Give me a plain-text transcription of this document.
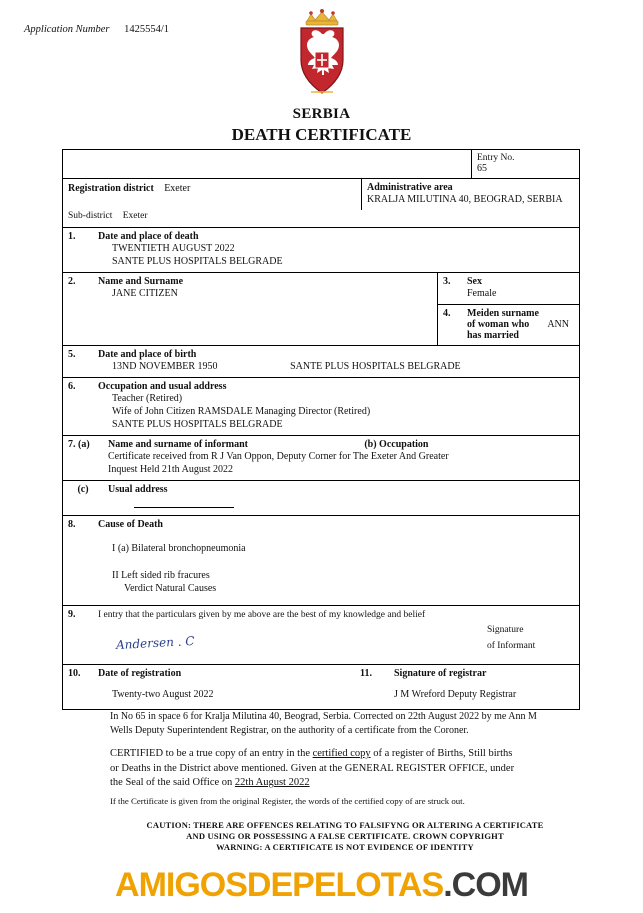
Application Number 1425554/1
SERBIA
DEATH CERTIFICATE

Entry No.
65
Registration district Exeter	Administrative area
KRALJA MILUTINA 40, BEOGRAD, SERBIA
Sub-district Exeter
1.	Date and place of death
TWENTIETH AUGUST 2022
SANTE PLUS HOSPITALS BELGRADE
2.	Name and Surname
JANE CITIZEN
3.	Sex
Female
4.	Meiden surname
of woman who
has married
ANN
5.	Date and place of birth
13ND NOVEMBER 1950	SANTE PLUS HOSPITALS BELGRADE
6.	Occupation and usual address
Teacher (Retired)
Wife of John Citizen RAMSDALE Managing Director (Retired)
SANTE PLUS HOSPITALS BELGRADE
7. (a)	Name and surname of informant	(b) Occupation
Certificate received from R J Van Oppon, Deputy Corner for The Exeter And Greater
Inquest Held 21th August 2022
(c)	Usual address
8.	Cause of Death
I (a) Bilateral bronchopneumonia
II Left sided rib fracures
Verdict Natural Causes
9.	I entry that the particulars given by me above are the best of my knowledge and belief
Andersen . C
Signature
of Informant
10.	Date of registration
Twenty-two August 2022
11.	Signature of registrar
J M Wreford Deputy Registrar

In No 65 in space 6 for Kralja Milutina 40, Beograd, Serbia. Corrected on 22th August 2022 by me Ann M
Wells Deputy Superintendent Registrar, on the authority of a certificate from the Coroner.

CERTIFIED to be a true copy of an entry in the certified copy of a register of Births, Still births
or Deaths in the District above mentioned. Given at the GENERAL REGISTER OFFICE, under
the Seal of the said Office on 22th August 2022

If the Certificate is given from the original Register, the words of the certified copy of are struck out.

CAUTION: THERE ARE OFFENCES RELATING TO FALSIFYNG OR ALTERING A CERTIFICATE
AND USING OR POSSESSING A FALSE CERTIFICATE. CROWN COPYRIGHT
WARNING: A CERTIFICATE IS NOT EVIDENCE OF IDENTITY
AMIGOSDEPELOTAS.COM
